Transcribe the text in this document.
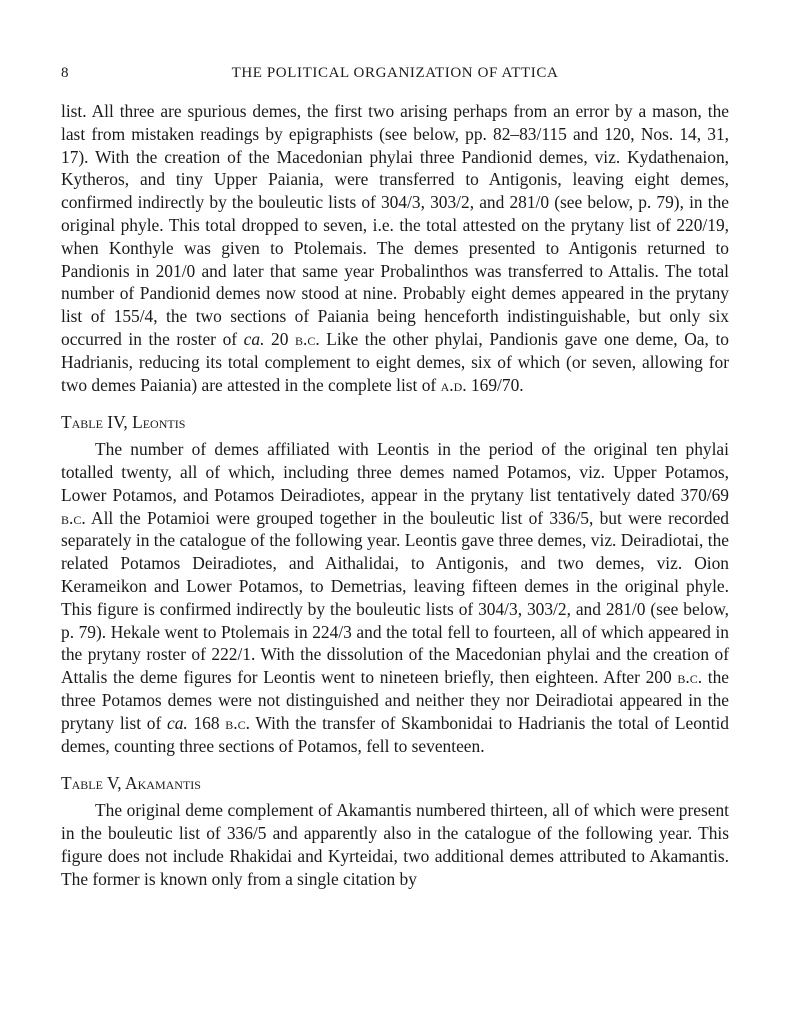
8	THE POLITICAL ORGANIZATION OF ATTICA

list. All three are spurious demes, the first two arising perhaps from an error by a mason, the last from mistaken readings by epigraphists (see below, pp. 82–83/115 and 120, Nos. 14, 31, 17). With the creation of the Macedonian phylai three Pandionid demes, viz. Kydathenaion, Kytheros, and tiny Upper Paiania, were transferred to Antigonis, leaving eight demes, confirmed indirectly by the bouleutic lists of 304/3, 303/2, and 281/0 (see below, p. 79), in the original phyle. This total dropped to seven, i.e. the total attested on the prytany list of 220/19, when Konthyle was given to Ptolemais. The demes presented to Antigonis returned to Pandionis in 201/0 and later that same year Probalinthos was transferred to Attalis. The total number of Pandionid demes now stood at nine. Probably eight demes appeared in the prytany list of 155/4, the two sections of Paiania being henceforth indistinguishable, but only six occurred in the roster of ca. 20 b.c. Like the other phylai, Pandionis gave one deme, Oa, to Hadrianis, reducing its total complement to eight demes, six of which (or seven, allowing for two demes Paiania) are attested in the complete list of a.d. 169/70.

Table IV, Leontis

The number of demes affiliated with Leontis in the period of the original ten phylai totalled twenty, all of which, including three demes named Potamos, viz. Upper Potamos, Lower Potamos, and Potamos Deiradiotes, appear in the prytany list tentatively dated 370/69 b.c. All the Potamioi were grouped together in the bouleutic list of 336/5, but were recorded separately in the catalogue of the following year. Leontis gave three demes, viz. Deiradiotai, the related Potamos Deiradiotes, and Aithalidai, to Antigonis, and two demes, viz. Oion Kerameikon and Lower Potamos, to Demetrias, leaving fifteen demes in the original phyle. This figure is confirmed indirectly by the bouleutic lists of 304/3, 303/2, and 281/0 (see below, p. 79). Hekale went to Ptolemais in 224/3 and the total fell to fourteen, all of which appeared in the prytany roster of 222/1. With the dissolution of the Macedonian phylai and the creation of Attalis the deme figures for Leontis went to nineteen briefly, then eighteen. After 200 b.c. the three Potamos demes were not distinguished and neither they nor Deiradiotai appeared in the prytany list of ca. 168 b.c. With the transfer of Skambonidai to Hadrianis the total of Leontid demes, counting three sections of Potamos, fell to seventeen.

Table V, Akamantis

The original deme complement of Akamantis numbered thirteen, all of which were present in the bouleutic list of 336/5 and apparently also in the catalogue of the following year. This figure does not include Rhakidai and Kyrteidai, two additional demes attributed to Akamantis. The former is known only from a single citation by
